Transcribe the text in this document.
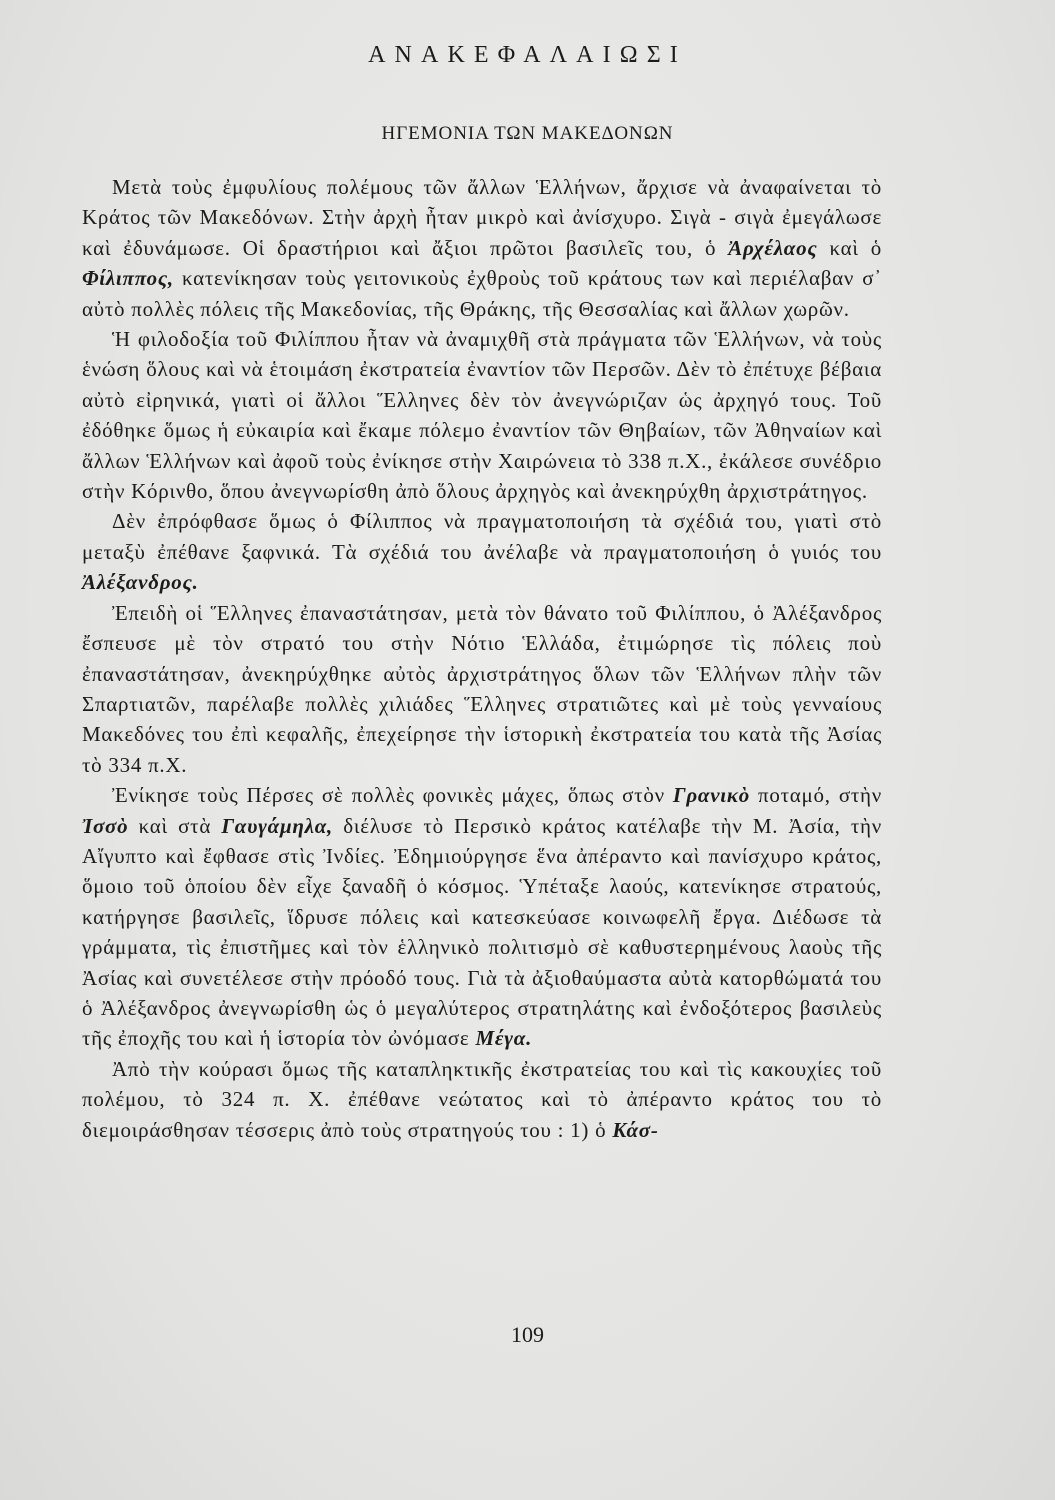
ΑΝΑΚΕΦΑΛΑΙΩΣΙ
ΗΓΕΜΟΝΙΑ ΤΩΝ ΜΑΚΕΔΟΝΩΝ

Μετὰ τοὺς ἐμφυλίους πολέμους τῶν ἄλλων Ἑλλήνων, ἄρχισε νὰ ἀναφαίνεται τὸ Κράτος τῶν Μακεδόνων. Στὴν ἀρχὴ ἦταν μικρὸ καὶ ἀνίσχυρο. Σιγὰ - σιγὰ ἐμεγάλωσε καὶ ἐδυνάμωσε. Οἱ δραστήριοι καὶ ἄξιοι πρῶτοι βασιλεῖς του, ὁ Ἀρχέλαος καὶ ὁ Φίλιππος, κατενίκησαν τοὺς γειτονικοὺς ἐχθροὺς τοῦ κράτους των καὶ περιέλαβαν σ᾿ αὐτὸ πολλὲς πόλεις τῆς Μακεδονίας, τῆς Θράκης, τῆς Θεσσαλίας καὶ ἄλλων χωρῶν.

Ἡ φιλοδοξία τοῦ Φιλίππου ἦταν νὰ ἀναμιχθῆ στὰ πράγματα τῶν Ἑλλήνων, νὰ τοὺς ἑνώση ὅλους καὶ νὰ ἑτοιμάση ἐκστρατεία ἐναντίον τῶν Περσῶν. Δὲν τὸ ἐπέτυχε βέβαια αὐτὸ εἰρηνικά, γιατὶ οἱ ἄλλοι Ἕλληνες δὲν τὸν ἀνεγνώριζαν ὡς ἀρχηγό τους. Τοῦ ἐδόθηκε ὅμως ἡ εὐκαιρία καὶ ἔκαμε πόλεμο ἐναντίον τῶν Θηβαίων, τῶν Ἀθηναίων καὶ ἄλλων Ἑλλήνων καὶ ἀφοῦ τοὺς ἐνίκησε στὴν Χαιρώνεια τὸ 338 π.Χ., ἐκάλεσε συνέδριο στὴν Κόρινθο, ὅπου ἀνεγνωρίσθη ἀπὸ ὅλους ἀρχηγὸς καὶ ἀνεκηρύχθη ἀρχιστράτηγος.

Δὲν ἐπρόφθασε ὅμως ὁ Φίλιππος νὰ πραγματοποιήση τὰ σχέδιά του, γιατὶ στὸ μεταξὺ ἐπέθανε ξαφνικά. Τὰ σχέδιά του ἀνέλαβε νὰ πραγματοποιήση ὁ γυιός του Ἀλέξανδρος.

Ἐπειδὴ οἱ Ἕλληνες ἐπαναστάτησαν, μετὰ τὸν θάνατο τοῦ Φιλίππου, ὁ Ἀλέξανδρος ἔσπευσε μὲ τὸν στρατό του στὴν Νότιο Ἑλλάδα, ἐτιμώρησε τὶς πόλεις ποὺ ἐπαναστάτησαν, ἀνεκηρύχθηκε αὐτὸς ἀρχιστράτηγος ὅλων τῶν Ἑλλήνων πλὴν τῶν Σπαρτιατῶν, παρέλαβε πολλὲς χιλιάδες Ἕλληνες στρατιῶτες καὶ μὲ τοὺς γενναίους Μακεδόνες του ἐπὶ κεφαλῆς, ἐπεχείρησε τὴν ἱστορικὴ ἐκστρατεία του κατὰ τῆς Ἀσίας τὸ 334 π.Χ.

Ἐνίκησε τοὺς Πέρσες σὲ πολλὲς φονικὲς μάχες, ὅπως στὸν Γρανικὸ ποταμό, στὴν Ἰσσὸ καὶ στὰ Γαυγάμηλα, διέλυσε τὸ Περσικὸ κράτος κατέλαβε τὴν Μ. Ἀσία, τὴν Αἴγυπτο καὶ ἔφθασε στὶς Ἰνδίες. Ἐδημιούργησε ἕνα ἀπέραντο καὶ πανίσχυρο κράτος, ὅμοιο τοῦ ὁποίου δὲν εἶχε ξαναδῆ ὁ κόσμος. Ὑπέταξε λαούς, κατενίκησε στρατούς, κατήργησε βασιλεῖς, ἵδρυσε πόλεις καὶ κατεσκεύασε κοινωφελῆ ἔργα. Διέδωσε τὰ γράμματα, τὶς ἐπιστῆμες καὶ τὸν ἑλληνικὸ πολιτισμὸ σὲ καθυστερημένους λαοὺς τῆς Ἀσίας καὶ συνετέλεσε στὴν πρόοδό τους. Γιὰ τὰ ἀξιοθαύμαστα αὐτὰ κατορθώματά του ὁ Ἀλέξανδρος ἀνεγνωρίσθη ὡς ὁ μεγαλύτερος στρατηλάτης καὶ ἐνδοξότερος βασιλεὺς τῆς ἐποχῆς του καὶ ἡ ἱστορία τὸν ὠνόμασε Μέγα.

Ἀπὸ τὴν κούρασι ὅμως τῆς καταπληκτικῆς ἐκστρατείας του καὶ τὶς κακουχίες τοῦ πολέμου, τὸ 324 π. Χ. ἐπέθανε νεώτατος καὶ τὸ ἀπέραντο κράτος του τὸ διεμοιράσθησαν τέσσερις ἀπὸ τοὺς στρατηγούς του : 1) ὁ Κάσ-

109
